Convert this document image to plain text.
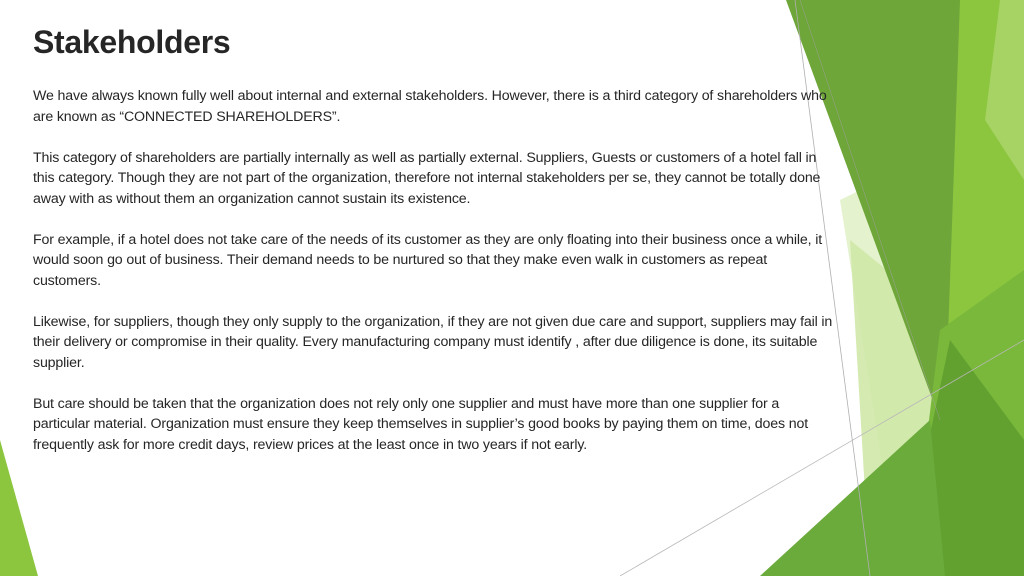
Stakeholders

We have always known fully well about internal and external stakeholders. However, there is a third category of shareholders who are known as “CONNECTED SHAREHOLDERS”.

This category of shareholders are partially internally as well as partially external. Suppliers, Guests or customers of a hotel fall in this category. Though they are not part of the organization, therefore not internal stakeholders per se, they cannot be totally done away with as without them an organization cannot sustain its existence.

For example, if a hotel does not take care of the needs of its customer as they are only floating into their business once a while, it would soon go out of business. Their demand needs to be nurtured so that they make even walk in customers as repeat customers.

Likewise, for suppliers, though they only supply to the organization, if they are not given due care and support, suppliers may fail in their delivery or compromise in their quality. Every manufacturing company must identify , after due diligence is done, its suitable supplier.

But care should be taken that the organization does not rely only one supplier and must have more than one supplier for a particular material. Organization must ensure they keep themselves in supplier’s good books by paying them on time, does not frequently ask for more credit days, review prices at the least once in two years if not early.
